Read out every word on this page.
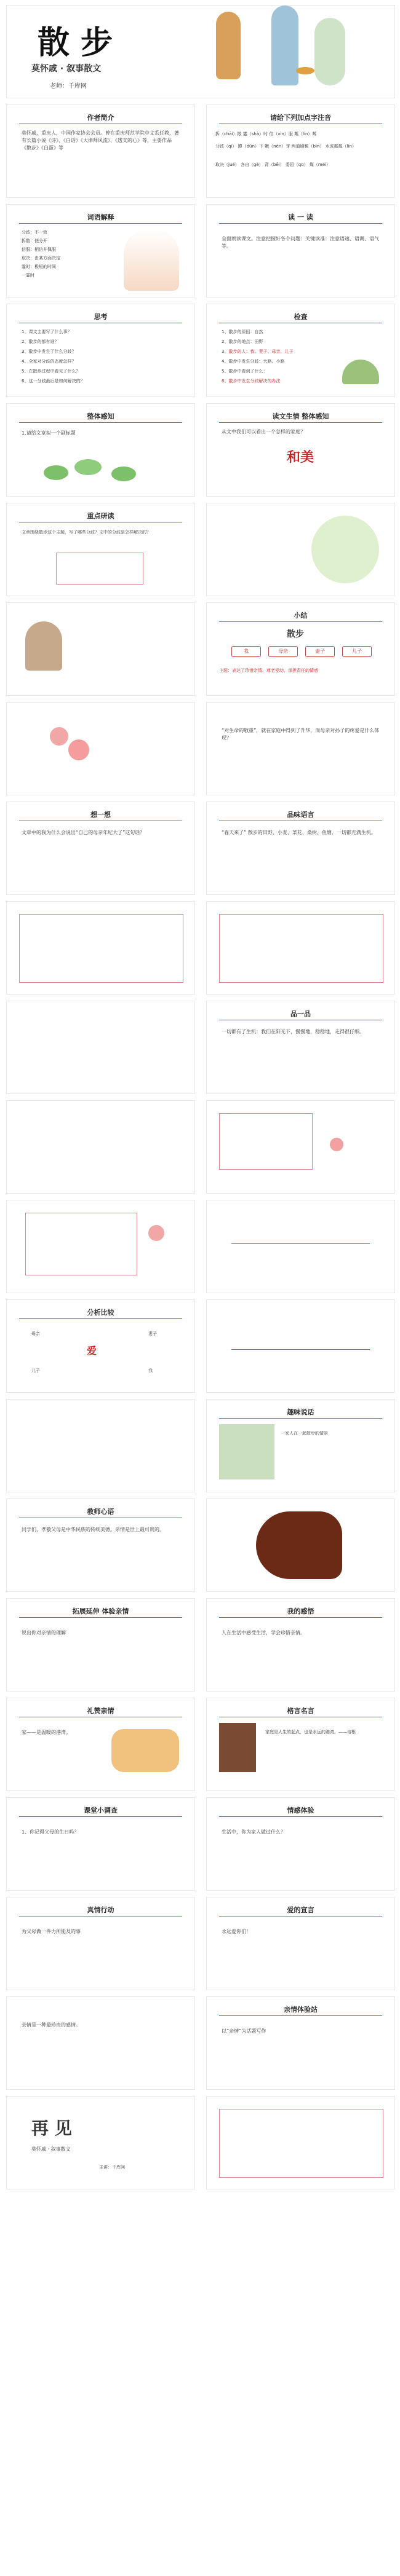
散 步
莫怀戚 · 叙事散文
老师：千库网
作者简介
莫怀戚，重庆人，中国作家协会会员。曾在重庆师范学院中文系任教，著有长篇小说《诗》、《白话》《大律师风流》、《透支的心》等，主要作品《散步》《白蛋》等
请给下列加点字注音
拆（chāi）散 霎（shà）时 信（xìn）服 粼（lín）粼
分歧（qí） 蹲（dūn）下 嫩（nèn）芽 两道刷鬓（bìn） 水波粼粼（lín）
取决（jué） 各自（gè） 背（bēi） 委屈（qū） 煤（méi）
词语解释
分歧：不一致
拆散：使分开
信服：相信并佩服
取决：由某方面决定
霎时：极短的时间
一霎时
读 一 读
全面朗读课文。注意把握好各个问题：关键读准：注意语速、语调、语气等。
思考
1、课文主要写了什么事？
2、散步的都有谁？
3、散步中发生了什么分歧？
4、全家对分歧的态度怎样？
5、在散步过程中看见了什么？
6、这一分歧最后是如何解决的？
检查
1、散步的原因：自然
2、散步的地点：田野
3、散步的人：我、妻子、母亲、儿子
4、散步中发生分歧：大路、小路
5、散步中看到了什么：
6、散步中发生分歧解决的办法
整体感知
1.请给文章拟一个副标题
读文生情 整体感知
从文中我们可以看出一个怎样的家庭？
和美
重点研读
文章围绕散步这个主题，写了哪些分歧？文中的分歧是怎样解决的？
小结
散步
我	母亲	妻子	儿子
主题：表达了珍惜亲情、尊老爱幼、承担责任的情感
“对生命的敬重”，就在家庭中得到了升华，而母亲对孙子的疼爱是什么体现？
想一想
文章中的我为什么会说出“自己的母亲年纪大了”这句话？
品味语言
“春天来了” 散步的田野、小麦、菜花、桑树、鱼塘，一切都充满生机。
品一品
一切都有了生机：我们在阳光下，慢慢地，稳稳地，走得很仔细。
分析比较
爱
母亲	妻子
儿子	我
趣味说话
一家人在一起散步的情景
教师心语
同学们，孝敬父母是中华民族的传统美德。亲情是世上最可贵的。
拓展延伸 体验亲情
说出你对亲情的理解
我的感悟
人在生活中感受生活，学会珍惜亲情。
礼赞亲情
家——是温暖的港湾。
格言名言
家庭是人生的起点，也是永远的港湾。——培根
课堂小调查
1、你记得父母的生日吗？
情感体验
生活中，你为家人做过什么？
真情行动
为父母做一件力所能及的事
爱的宣言
永远爱你们！
亲情是一种最珍贵的感情。
亲情体验站
以“亲情”为话题写作
再 见
莫怀戚 · 叙事散文
主讲：千库网
